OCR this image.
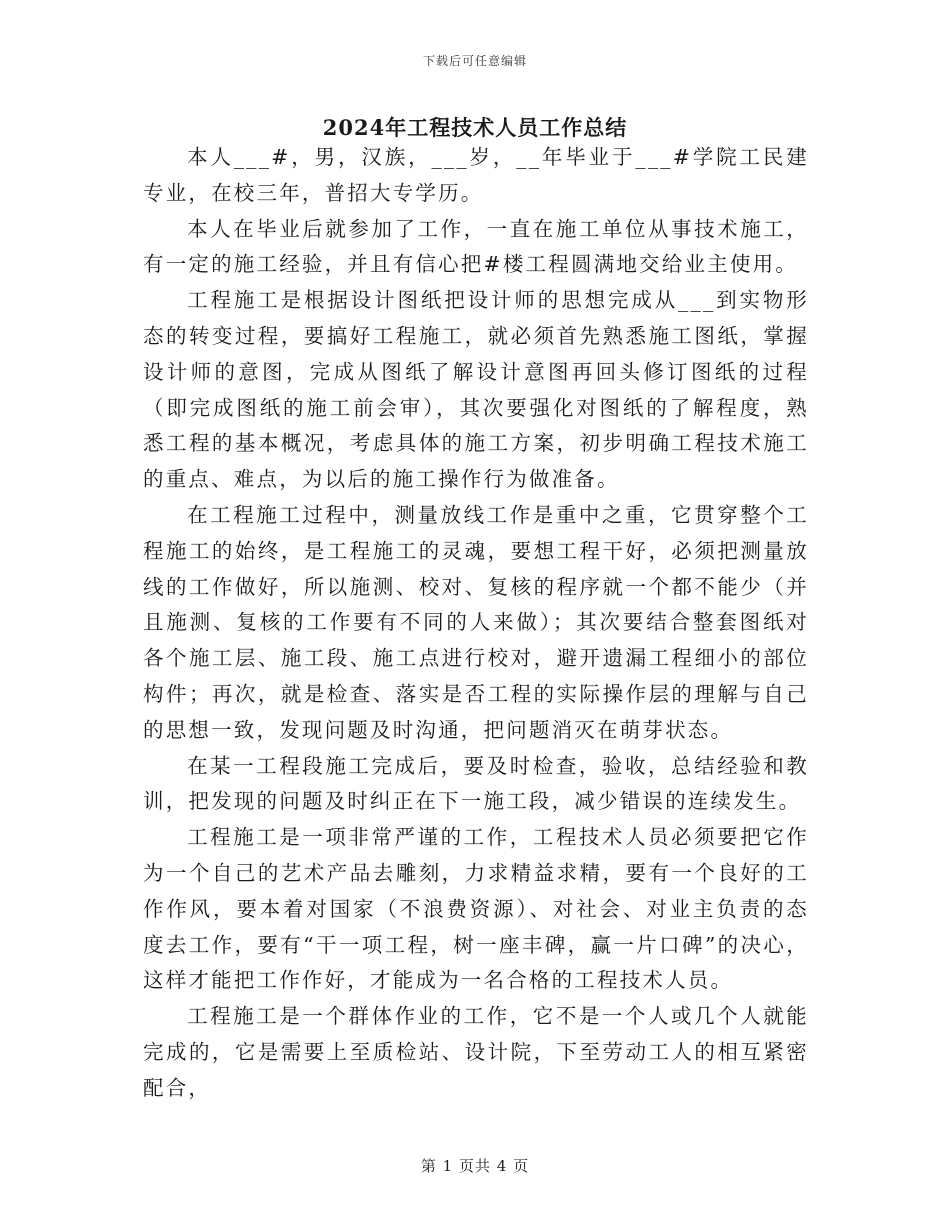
下载后可任意编辑
2024年工程技术人员工作总结

本人___#，男，汉族，___岁，__年毕业于___#学院工民建专业，在校三年，普招大专学历。

本人在毕业后就参加了工作，一直在施工单位从事技术施工，有一定的施工经验，并且有信心把#楼工程圆满地交给业主使用。

工程施工是根据设计图纸把设计师的思想完成从___到实物形态的转变过程，要搞好工程施工，就必须首先熟悉施工图纸，掌握设计师的意图，完成从图纸了解设计意图再回头修订图纸的过程（即完成图纸的施工前会审），其次要强化对图纸的了解程度，熟悉工程的基本概况，考虑具体的施工方案，初步明确工程技术施工的重点、难点，为以后的施工操作行为做准备。

在工程施工过程中，测量放线工作是重中之重，它贯穿整个工程施工的始终，是工程施工的灵魂，要想工程干好，必须把测量放线的工作做好，所以施测、校对、复核的程序就一个都不能少（并且施测、复核的工作要有不同的人来做）；其次要结合整套图纸对各个施工层、施工段、施工点进行校对，避开遗漏工程细小的部位构件；再次，就是检查、落实是否工程的实际操作层的理解与自己的思想一致，发现问题及时沟通，把问题消灭在萌芽状态。

在某一工程段施工完成后，要及时检查，验收，总结经验和教训，把发现的问题及时纠正在下一施工段，减少错误的连续发生。

工程施工是一项非常严谨的工作，工程技术人员必须要把它作为一个自己的艺术产品去雕刻，力求精益求精，要有一个良好的工作作风，要本着对国家（不浪费资源）、对社会、对业主负责的态度去工作，要有“干一项工程，树一座丰碑，赢一片口碑”的决心，这样才能把工作作好，才能成为一名合格的工程技术人员。

工程施工是一个群体作业的工作，它不是一个人或几个人就能完成的，它是需要上至质检站、设计院，下至劳动工人的相互紧密配合，

第 1 页共 4 页
